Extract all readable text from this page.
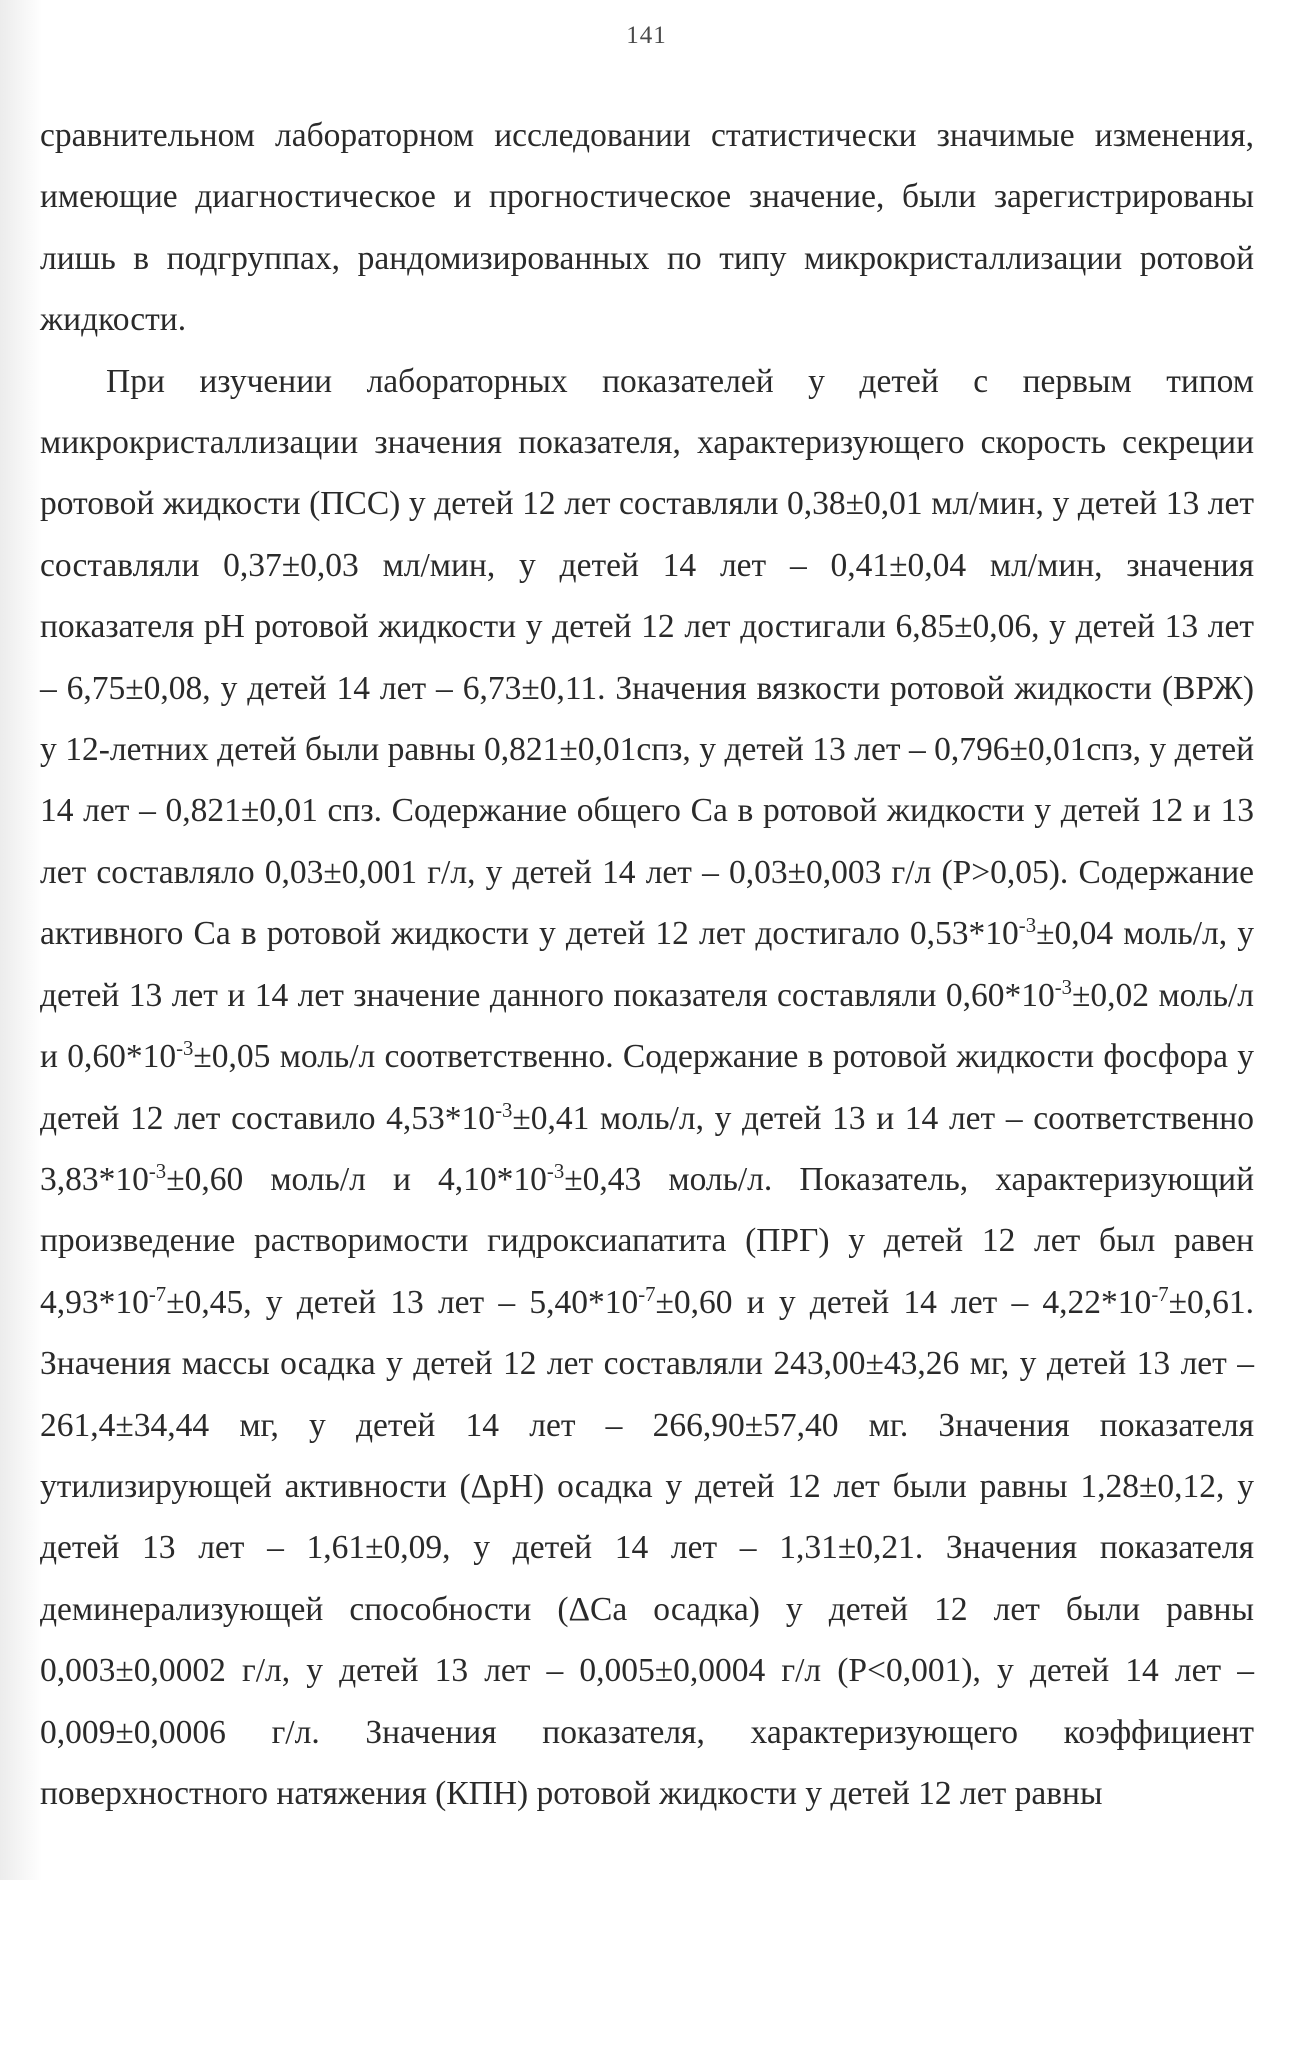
141

сравнительном лабораторном исследовании статистически значимые изменения, имеющие диагностическое и прогностическое значение, были зарегистрированы лишь в подгруппах, рандомизированных по типу микрокристаллизации ротовой жидкости.

При изучении лабораторных показателей у детей с первым типом микрокристаллизации значения показателя, характеризующего скорость секреции ротовой жидкости (ПСС) у детей 12 лет составляли 0,38±0,01 мл/мин, у детей 13 лет составляли 0,37±0,03 мл/мин, у детей 14 лет – 0,41±0,04 мл/мин, значения показателя рН ротовой жидкости у детей 12 лет достигали 6,85±0,06, у детей 13 лет – 6,75±0,08, у детей 14 лет – 6,73±0,11. Значения вязкости ротовой жидкости (ВРЖ) у 12-летних детей были равны 0,821±0,01спз, у детей 13 лет – 0,796±0,01спз, у детей 14 лет – 0,821±0,01 спз. Содержание общего Са в ротовой жидкости у детей 12 и 13 лет составляло 0,03±0,001 г/л, у детей 14 лет – 0,03±0,003 г/л (Р>0,05). Содержание активного Са в ротовой жидкости у детей 12 лет достигало $0,53*10^{-3}\pm 0,04$ моль/л, у детей 13 лет и 14 лет значение данного показателя составляли $0,60*10^{-3}\pm 0,02$ моль/л и $0,60*10^{-3}\pm 0,05$ моль/л соответственно. Содержание в ротовой жидкости фосфора у детей 12 лет составило $4,53*10^{-3}\pm 0,41$ моль/л, у детей 13 и 14 лет – соответственно $3,83*10^{-3}\pm 0,60$ моль/л и $4,10*10^{-3}\pm 0,43$ моль/л. Показатель, характеризующий произведение растворимости гидроксиапатита (ПРГ) у детей 12 лет был равен $4,93*10^{-7}\pm 0,45$, у детей 13 лет – $5,40*10^{-7}\pm 0,60$ и у детей 14 лет – $4,22*10^{-7}\pm 0,61$. Значения массы осадка у детей 12 лет составляли 243,00±43,26 мг, у детей 13 лет – 261,4±34,44 мг, у детей 14 лет – 266,90±57,40 мг. Значения показателя утилизирующей активности (ΔpH) осадка у детей 12 лет были равны 1,28±0,12, у детей 13 лет – 1,61±0,09, у детей 14 лет – 1,31±0,21. Значения показателя деминерализующей способности (ΔСа осадка) у детей 12 лет были равны 0,003±0,0002 г/л, у детей 13 лет – 0,005±0,0004 г/л (Р<0,001), у детей 14 лет – 0,009±0,0006 г/л. Значения показателя, характеризующего коэффициент поверхностного натяжения (КПН) ротовой жидкости у детей 12 лет равны
